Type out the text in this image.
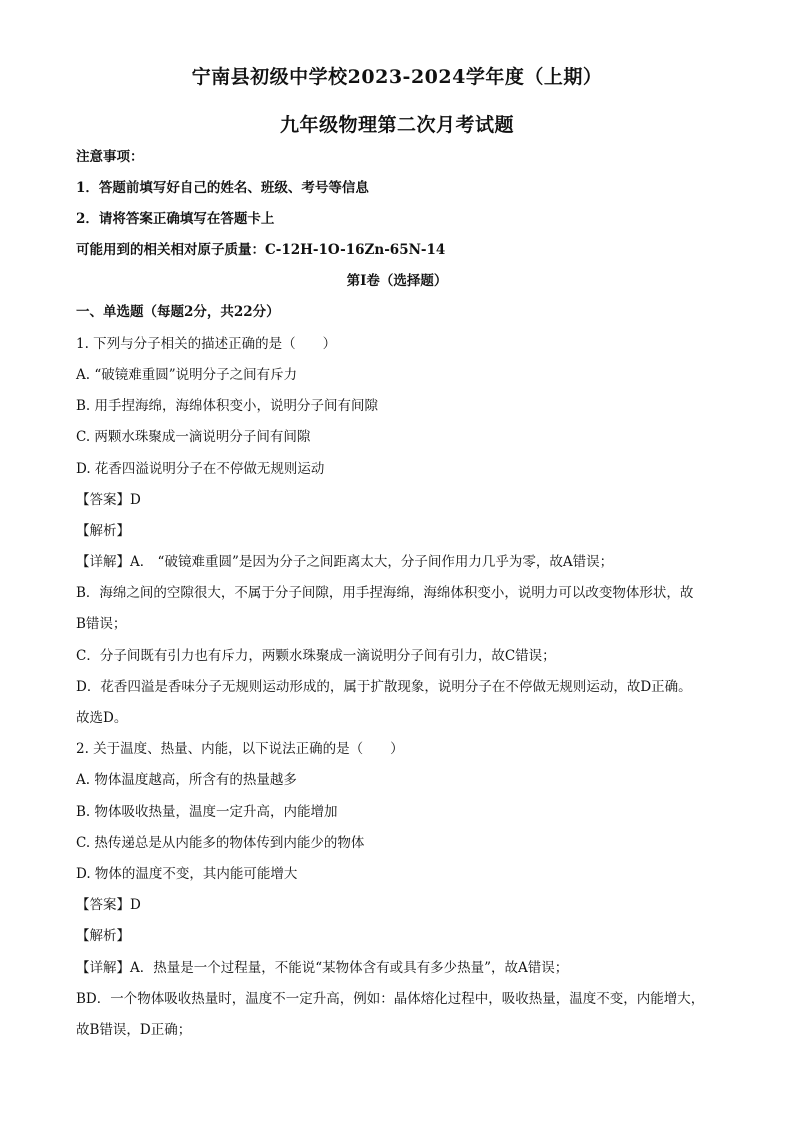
宁南县初级中学校2023-2024学年度（上期）
九年级物理第二次月考试题
注意事项：
1．答题前填写好自己的姓名、班级、考号等信息
2．请将答案正确填写在答题卡上
可能用到的相关相对原子质量：C-12H-1O-16Zn-65N-14
第Ⅰ卷（选择题）
一、单选题（每题2分，共22分）
1. 下列与分子相关的描述正确的是（　　）
A. “破镜难重圆”说明分子之间有斥力
B. 用手捏海绵，海绵体积变小，说明分子间有间隙
C. 两颗水珠聚成一滴说明分子间有间隙
D. 花香四溢说明分子在不停做无规则运动
【答案】D
【解析】
【详解】A． “破镜难重圆”是因为分子之间距离太大，分子间作用力几乎为零，故A错误；
B．海绵之间的空隙很大，不属于分子间隙，用手捏海绵，海绵体积变小，说明力可以改变物体形状，故
B错误；
C．分子间既有引力也有斥力，两颗水珠聚成一滴说明分子间有引力，故C错误；
D．花香四溢是香味分子无规则运动形成的，属于扩散现象，说明分子在不停做无规则运动，故D正确。
故选D。
2. 关于温度、热量、内能，以下说法正确的是（　　）
A. 物体温度越高，所含有的热量越多
B. 物体吸收热量，温度一定升高，内能增加
C. 热传递总是从内能多的物体传到内能少的物体
D. 物体的温度不变，其内能可能增大
【答案】D
【解析】
【详解】A．热量是一个过程量，不能说“某物体含有或具有多少热量”，故A错误；
BD．一个物体吸收热量时，温度不一定升高，例如：晶体熔化过程中，吸收热量，温度不变，内能增大，
故B错误，D正确；
